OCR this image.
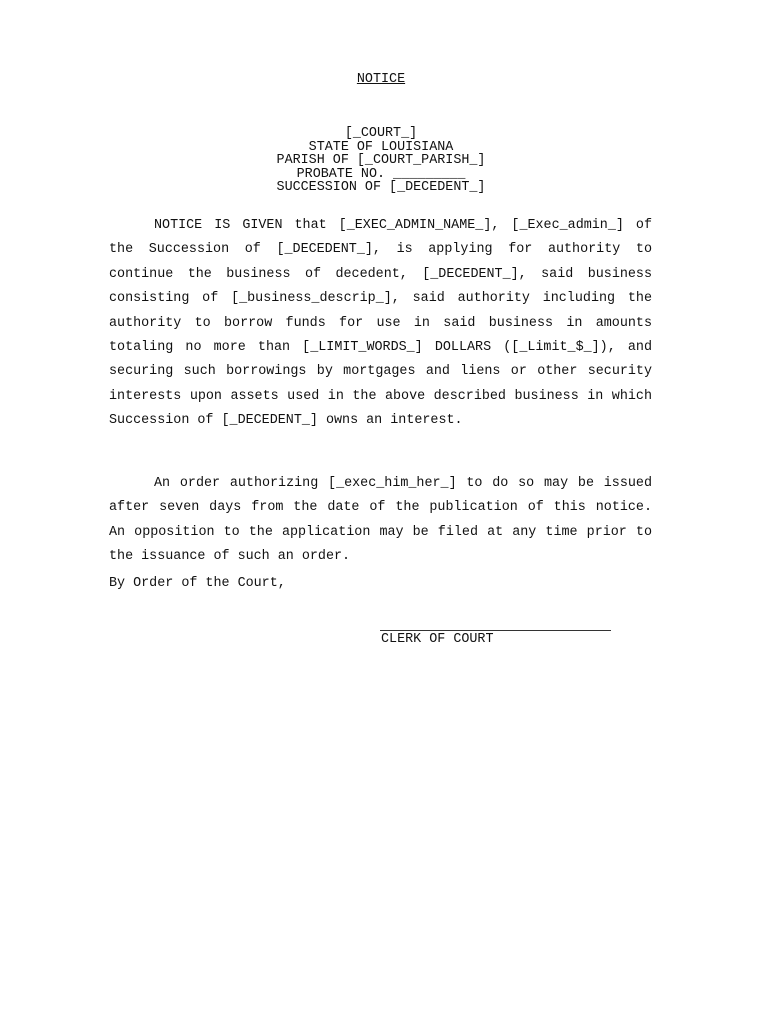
NOTICE
[_COURT_]
STATE OF LOUISIANA
PARISH OF [_COURT_PARISH_]
PROBATE NO. _________
SUCCESSION OF [_DECEDENT_]

NOTICE IS GIVEN that [_EXEC_ADMIN_NAME_], [_Exec_admin_] of the Succession of [_DECEDENT_], is applying for authority to continue the business of decedent, [_DECEDENT_], said business consisting of [_business_descrip_], said authority including the authority to borrow funds for use in said business in amounts totaling no more than [_LIMIT_WORDS_] DOLLARS ([_Limit_$_]), and securing such borrowings by mortgages and liens or other security interests upon assets used in the above described business in which Succession of [_DECEDENT_] owns an interest.

An order authorizing [_exec_him_her_] to do so may be issued after seven days from the date of the publication of this notice. An opposition to the application may be filed at any time prior to the issuance of such an order.

By Order of the Court,
CLERK OF COURT
